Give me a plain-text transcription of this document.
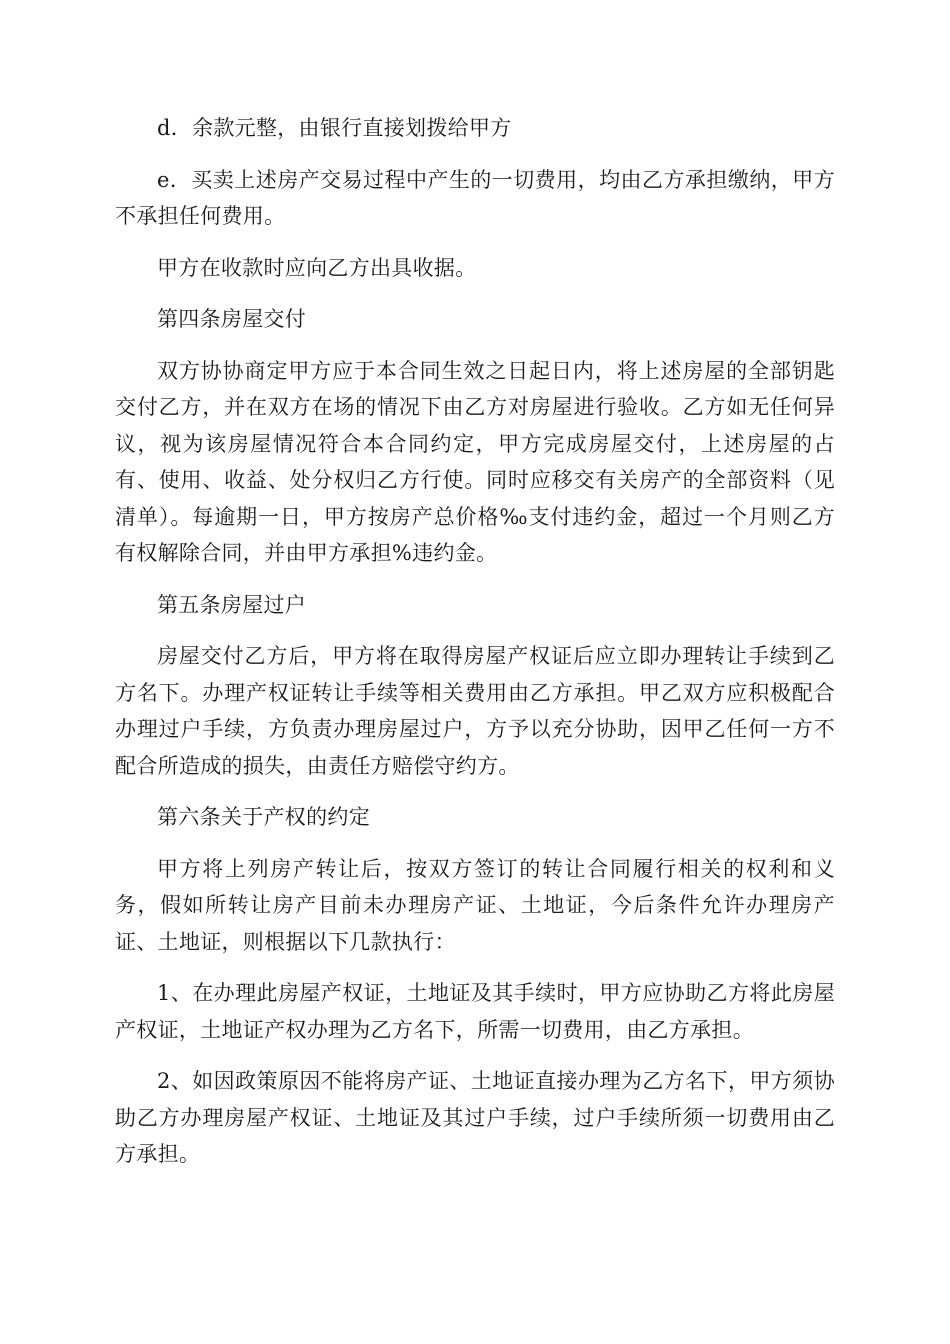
d．余款元整，由银行直接划拨给甲方

e．买卖上述房产交易过程中产生的一切费用，均由乙方承担缴纳，甲方不承担任何费用。

甲方在收款时应向乙方出具收据。

第四条房屋交付

双方协协商定甲方应于本合同生效之日起日内，将上述房屋的全部钥匙交付乙方，并在双方在场的情况下由乙方对房屋进行验收。乙方如无任何异议，视为该房屋情况符合本合同约定，甲方完成房屋交付，上述房屋的占有、使用、收益、处分权归乙方行使。同时应移交有关房产的全部资料（见清单）。每逾期一日，甲方按房产总价格‰支付违约金，超过一个月则乙方有权解除合同，并由甲方承担%违约金。

第五条房屋过户

房屋交付乙方后，甲方将在取得房屋产权证后应立即办理转让手续到乙方名下。办理产权证转让手续等相关费用由乙方承担。甲乙双方应积极配合办理过户手续，方负责办理房屋过户，方予以充分协助，因甲乙任何一方不配合所造成的损失，由责任方赔偿守约方。

第六条关于产权的约定

甲方将上列房产转让后，按双方签订的转让合同履行相关的权利和义务，假如所转让房产目前未办理房产证、土地证，今后条件允许办理房产证、土地证，则根据以下几款执行：

1、在办理此房屋产权证，土地证及其手续时，甲方应协助乙方将此房屋产权证，土地证产权办理为乙方名下，所需一切费用，由乙方承担。

2、如因政策原因不能将房产证、土地证直接办理为乙方名下，甲方须协助乙方办理房屋产权证、土地证及其过户手续，过户手续所须一切费用由乙方承担。
